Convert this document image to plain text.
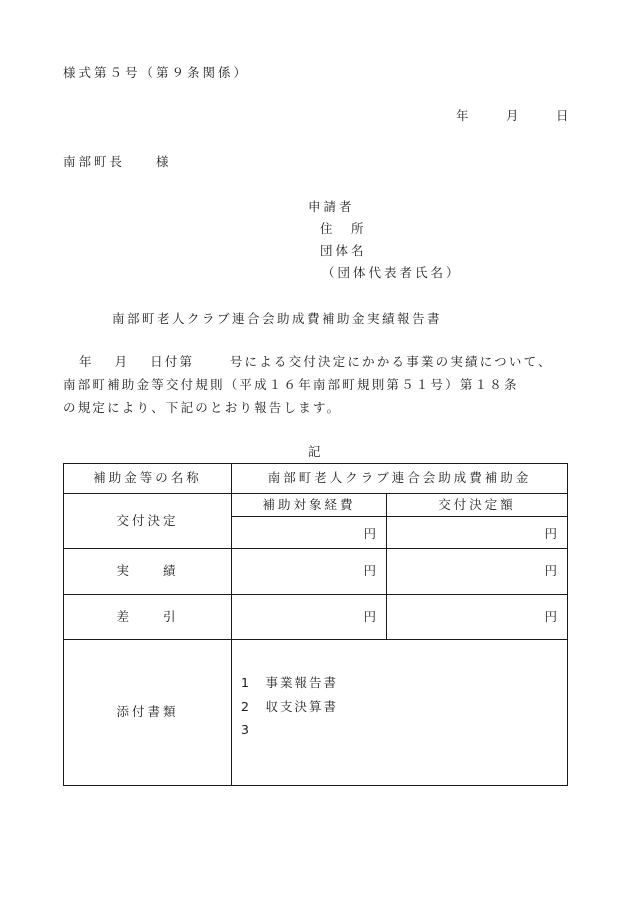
様式第５号（第９条関係）
年	月	日
南部町長　　様
申請者
住　所
団体名
（団体代表者氏名）
南部町老人クラブ連合会助成費補助金実績報告書
年　 月　 日付第　　 号による交付決定にかかる事業の実績について、
南部町補助金等交付規則（平成１６年南部町規則第５１号）第１８条
の規定により、下記のとおり報告します。
記
補助金等の名称	南部町老人クラブ連合会助成費補助金	
交付決定	補助対象経費	交付決定額
	円	円
実　　績	円	円
差　　引	円	円
添付書類	1　事業報告書
2　収支決算書
3	
